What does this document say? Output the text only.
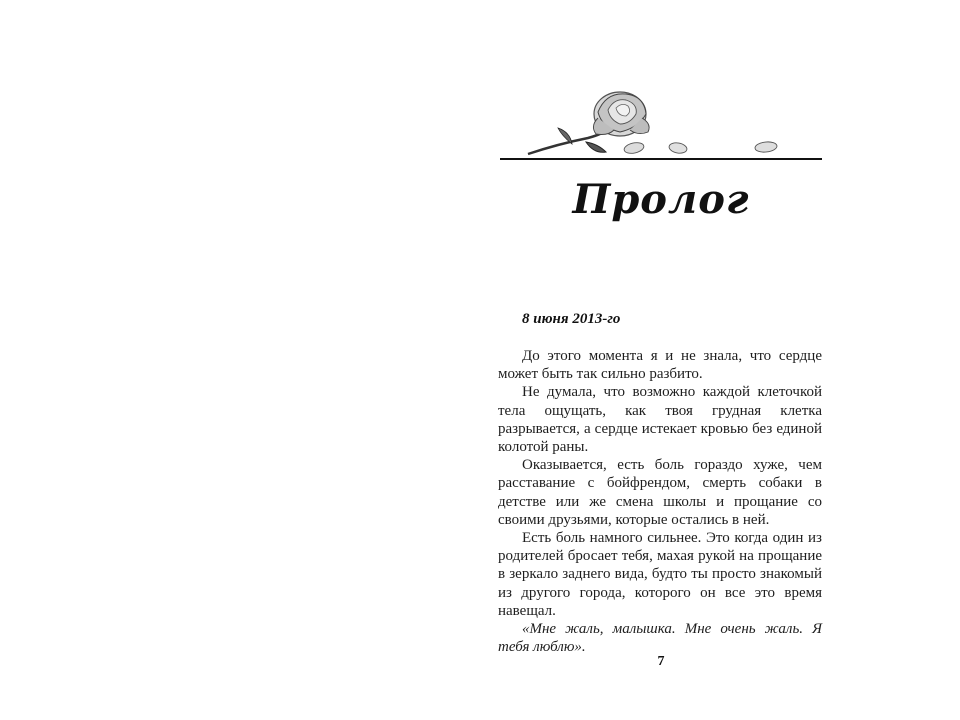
Пролог
8 июня 2013-го

До этого момента я и не знала, что сердце может быть так сильно разбито.

Не думала, что возможно каждой клеточкой тела ощущать, как твоя грудная клетка разрывается, а сердце истекает кровью без единой колотой раны.

Оказывается, есть боль гораздо хуже, чем расставание с бойфрендом, смерть собаки в детстве или же смена школы и прощание со своими друзьями, которые остались в ней.

Есть боль намного сильнее. Это когда один из родителей бросает тебя, махая рукой на прощание в зеркало заднего вида, будто ты просто знакомый из другого города, которого он все это время навещал.

«Мне жаль, малышка. Мне очень жаль. Я тебя люблю».

7
